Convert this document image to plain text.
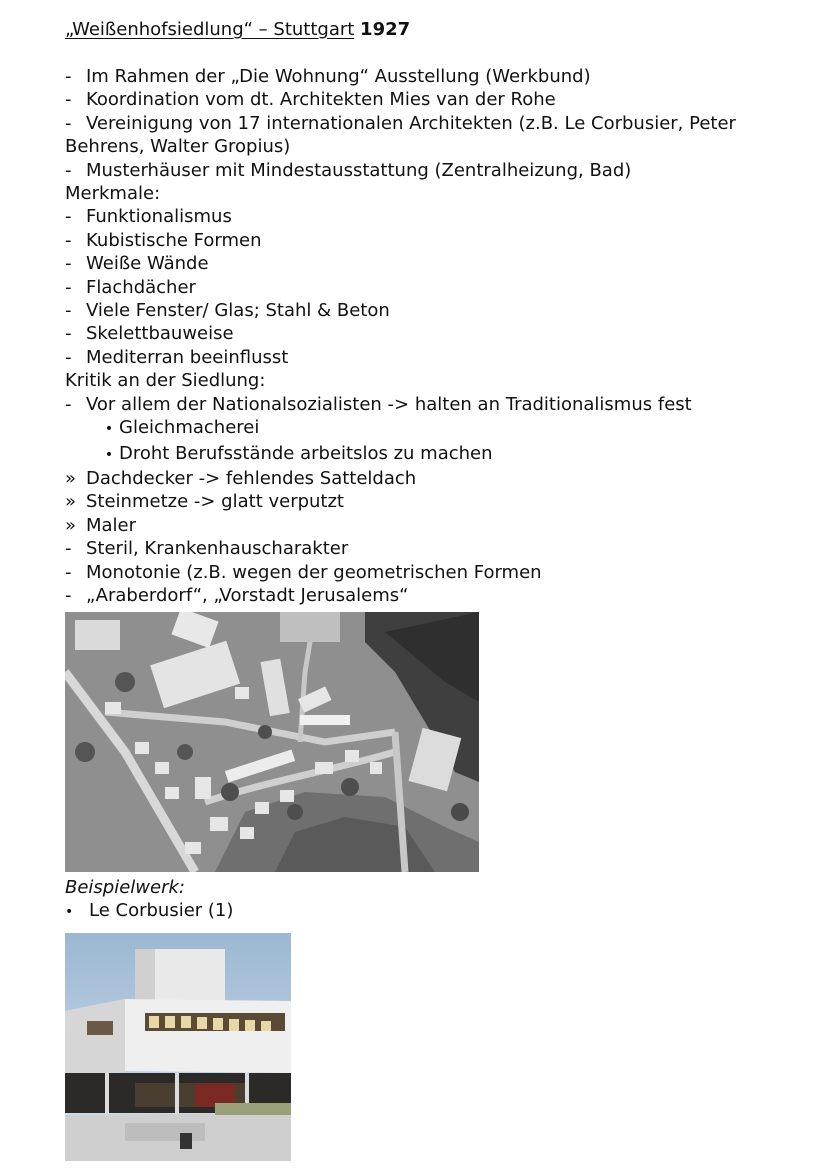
„Weißenhofsiedlung“ – Stuttgart 1927

- Im Rahmen der „Die Wohnung“ Ausstellung (Werkbund)
- Koordination vom dt. Architekten Mies van der Rohe
- Vereinigung von 17 internationalen Architekten (z.B. Le Corbusier, Peter
Behrens, Walter Gropius)
- Musterhäuser mit Mindestausstattung (Zentralheizung, Bad)
Merkmale:
- Funktionalismus
- Kubistische Formen
- Weiße Wände
- Flachdächer
- Viele Fenster/ Glas; Stahl & Beton
- Skelettbauweise
- Mediterran beeinflusst
Kritik an der Siedlung:
- Vor allem der Nationalsozialisten -> halten an Traditionalismus fest
• Gleichmacherei
• Droht Berufsstände arbeitslos zu machen
» Dachdecker -> fehlendes Satteldach
» Steinmetze -> glatt verputzt
» Maler
- Steril, Krankenhauscharakter
- Monotonie (z.B. wegen der geometrischen Formen
- „Araberdorf“, „Vorstadt Jerusalems“
Beispielwerk:
• Le Corbusier (1)
